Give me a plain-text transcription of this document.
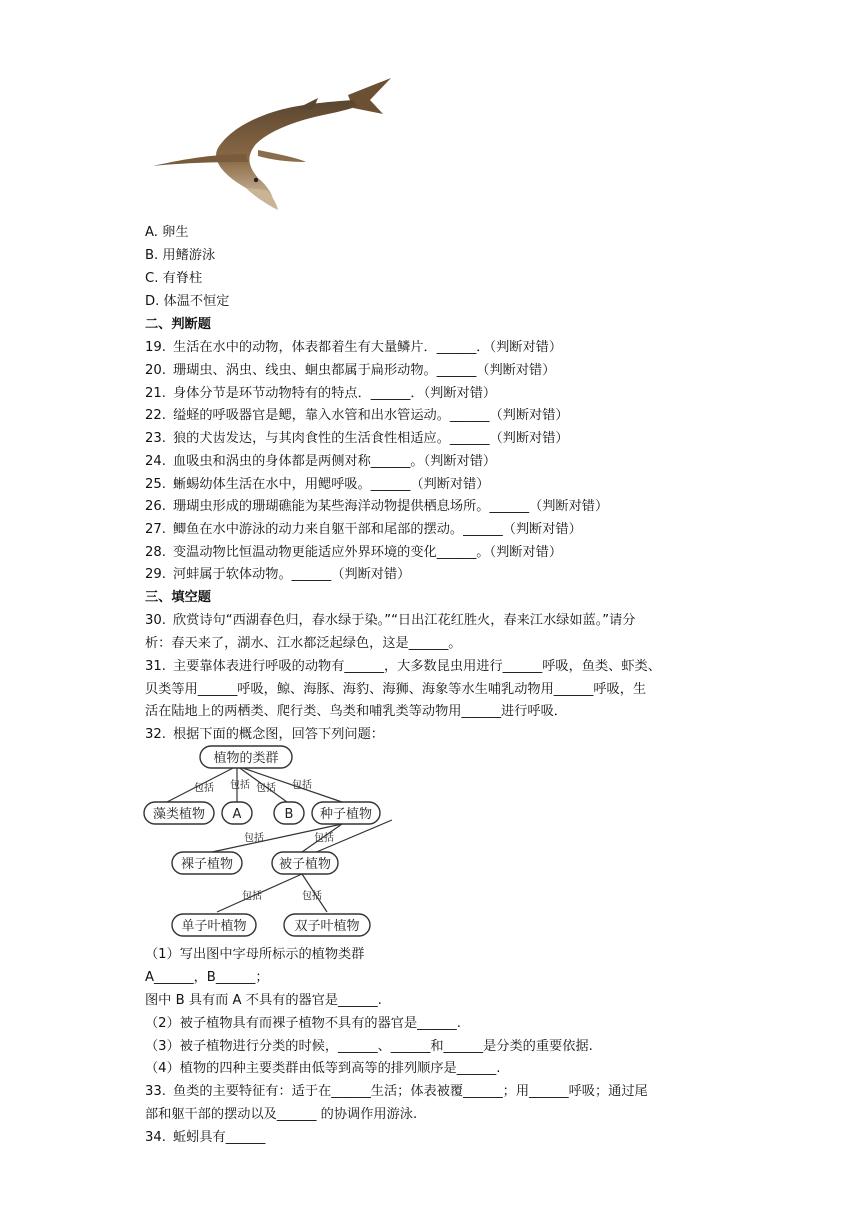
A. 卵生
B. 用鳍游泳
C. 有脊柱
D. 体温不恒定
二、判断题
19. 生活在水中的动物，体表都着生有大量鳞片．______．（判断对错）
20. 珊瑚虫、涡虫、线虫、蛔虫都属于扁形动物。______（判断对错）
21. 身体分节是环节动物特有的特点．______．（判断对错）
22. 缢蛏的呼吸器官是鳃，靠入水管和出水管运动。______（判断对错）
23. 狼的犬齿发达，与其肉食性的生活食性相适应。______（判断对错）
24. 血吸虫和涡虫的身体都是两侧对称______。（判断对错）
25. 蜥蜴幼体生活在水中，用鳃呼吸。______（判断对错）
26. 珊瑚虫形成的珊瑚礁能为某些海洋动物提供栖息场所。______（判断对错）
27. 鲫鱼在水中游泳的动力来自躯干部和尾部的摆动。______（判断对错）
28. 变温动物比恒温动物更能适应外界环境的变化______。（判断对错）
29. 河蚌属于软体动物。______（判断对错）
三、填空题
30. 欣赏诗句“西湖春色归，春水绿于染。”“日出江花红胜火，春来江水绿如蓝。”请分
析：春天来了，湖水、江水都泛起绿色，这是______。
31. 主要靠体表进行呼吸的动物有______，大多数昆虫用进行______呼吸，鱼类、虾类、
贝类等用______呼吸，鲸、海豚、海豹、海狮、海象等水生哺乳动物用______呼吸，生
活在陆地上的两栖类、爬行类、鸟类和哺乳类等动物用______进行呼吸．
32. 根据下面的概念图，回答下列问题：
植物的类群
包括 包括 包括 包括
藻类植物 A	B 种子植物
包括	包括
裸子植物	被子植物
包括	包括
单子叶植物	双子叶植物
（1）写出图中字母所标示的植物类群
A______，B______；
图中 B 具有而 A 不具有的器官是______.
（2）被子植物具有而裸子植物不具有的器官是______.
（3）被子植物进行分类的时候，______、______和______是分类的重要依据.
（4）植物的四种主要类群由低等到高等的排列顺序是______.
33. 鱼类的主要特征有：适于在______生活；体表被覆______；用______呼吸；通过尾
部和躯干部的摆动以及______ 的协调作用游泳.
34. 蚯蚓具有______
